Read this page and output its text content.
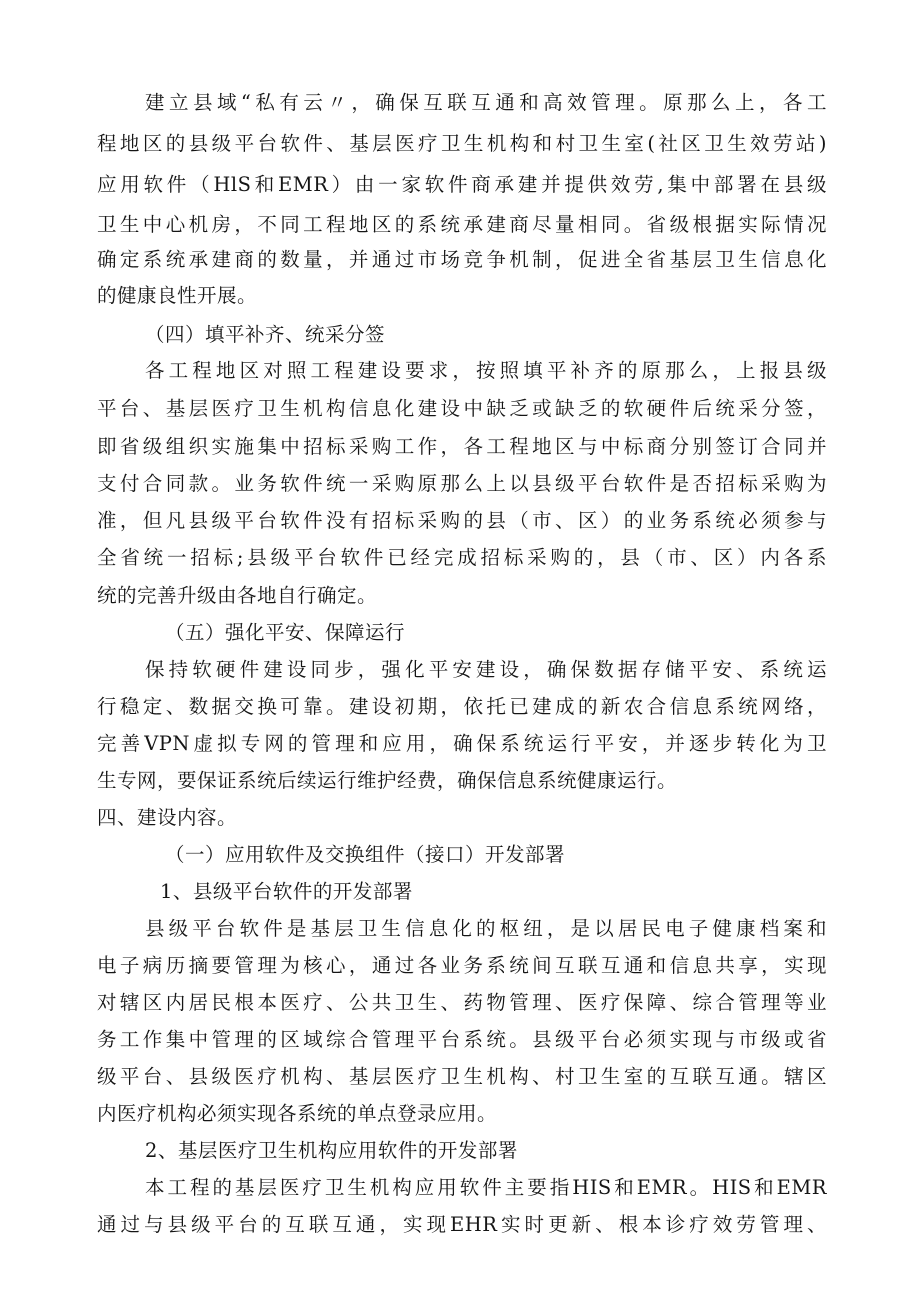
建立县域“私有云〃，确保互联互通和高效管理。原那么上，各工
程地区的县级平台软件、基层医疗卫生机构和村卫生室(社区卫生效劳站)
应用软件（HlS和EMR）由一家软件商承建并提供效劳,集中部署在县级
卫生中心机房，不同工程地区的系统承建商尽量相同。省级根据实际情况
确定系统承建商的数量，并通过市场竞争机制，促进全省基层卫生信息化
的健康良性开展。
（四）填平补齐、统采分签
各工程地区对照工程建设要求，按照填平补齐的原那么，上报县级
平台、基层医疗卫生机构信息化建设中缺乏或缺乏的软硬件后统采分签，
即省级组织实施集中招标采购工作，各工程地区与中标商分别签订合同并
支付合同款。业务软件统一采购原那么上以县级平台软件是否招标采购为
准，但凡县级平台软件没有招标采购的县（市、区）的业务系统必须参与
全省统一招标;县级平台软件已经完成招标采购的，县（市、区）内各系
统的完善升级由各地自行确定。
（五）强化平安、保障运行
保持软硬件建设同步，强化平安建设，确保数据存储平安、系统运
行稳定、数据交换可靠。建设初期，依托已建成的新农合信息系统网络，
完善VPN虚拟专网的管理和应用，确保系统运行平安，并逐步转化为卫
生专网，要保证系统后续运行维护经费，确保信息系统健康运行。
四、建设内容。
（一）应用软件及交换组件（接口）开发部署
1、县级平台软件的开发部署
县级平台软件是基层卫生信息化的枢纽，是以居民电子健康档案和
电子病历摘要管理为核心，通过各业务系统间互联互通和信息共享，实现
对辖区内居民根本医疗、公共卫生、药物管理、医疗保障、综合管理等业
务工作集中管理的区域综合管理平台系统。县级平台必须实现与市级或省
级平台、县级医疗机构、基层医疗卫生机构、村卫生室的互联互通。辖区
内医疗机构必须实现各系统的单点登录应用。
2、基层医疗卫生机构应用软件的开发部署
本工程的基层医疗卫生机构应用软件主要指HIS和EMR。HIS和EMR
通过与县级平台的互联互通，实现EHR实时更新、根本诊疗效劳管理、
